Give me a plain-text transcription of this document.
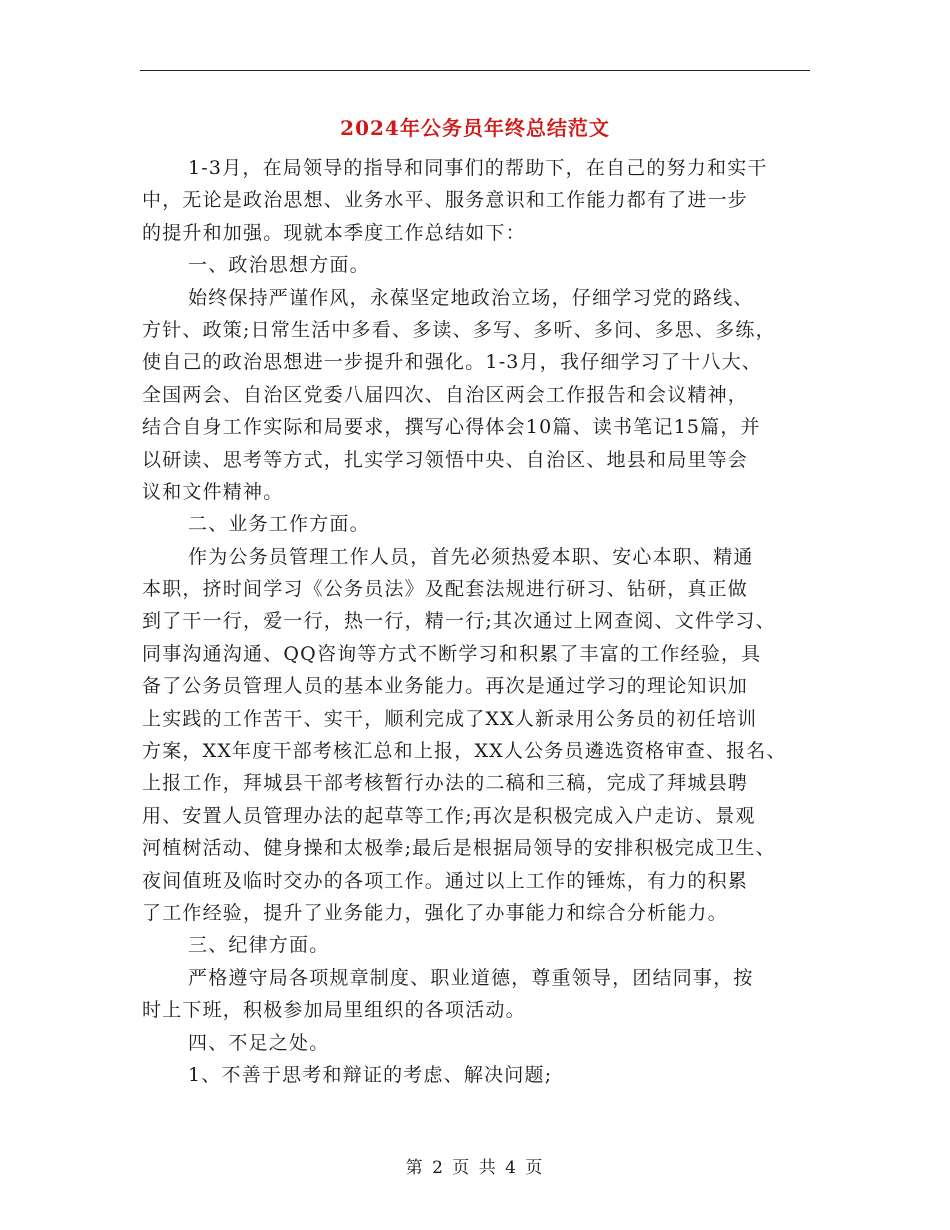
2024年公务员年终总结范文
1-3月，在局领导的指导和同事们的帮助下，在自己的努力和实干
中，无论是政治思想、业务水平、服务意识和工作能力都有了进一步
的提升和加强。现就本季度工作总结如下：
一、政治思想方面。
始终保持严谨作风，永葆坚定地政治立场，仔细学习党的路线、
方针、政策;日常生活中多看、多读、多写、多听、多问、多思、多练，
使自己的政治思想进一步提升和强化。1-3月，我仔细学习了十八大、
全国两会、自治区党委八届四次、自治区两会工作报告和会议精神，
结合自身工作实际和局要求，撰写心得体会10篇、读书笔记15篇，并
以研读、思考等方式，扎实学习领悟中央、自治区、地县和局里等会
议和文件精神。
二、业务工作方面。
作为公务员管理工作人员，首先必须热爱本职、安心本职、精通
本职，挤时间学习《公务员法》及配套法规进行研习、钻研，真正做
到了干一行，爱一行，热一行，精一行;其次通过上网查阅、文件学习、
同事沟通沟通、QQ咨询等方式不断学习和积累了丰富的工作经验，具
备了公务员管理人员的基本业务能力。再次是通过学习的理论知识加
上实践的工作苦干、实干，顺利完成了XX人新录用公务员的初任培训
方案，XX年度干部考核汇总和上报，XX人公务员遴选资格审查、报名、
上报工作，拜城县干部考核暂行办法的二稿和三稿，完成了拜城县聘
用、安置人员管理办法的起草等工作;再次是积极完成入户走访、景观
河植树活动、健身操和太极拳;最后是根据局领导的安排积极完成卫生、
夜间值班及临时交办的各项工作。通过以上工作的锤炼，有力的积累
了工作经验，提升了业务能力，强化了办事能力和综合分析能力。
三、纪律方面。
严格遵守局各项规章制度、职业道德，尊重领导，团结同事，按
时上下班，积极参加局里组织的各项活动。
四、不足之处。
1、不善于思考和辩证的考虑、解决问题;
第 2 页 共 4 页
